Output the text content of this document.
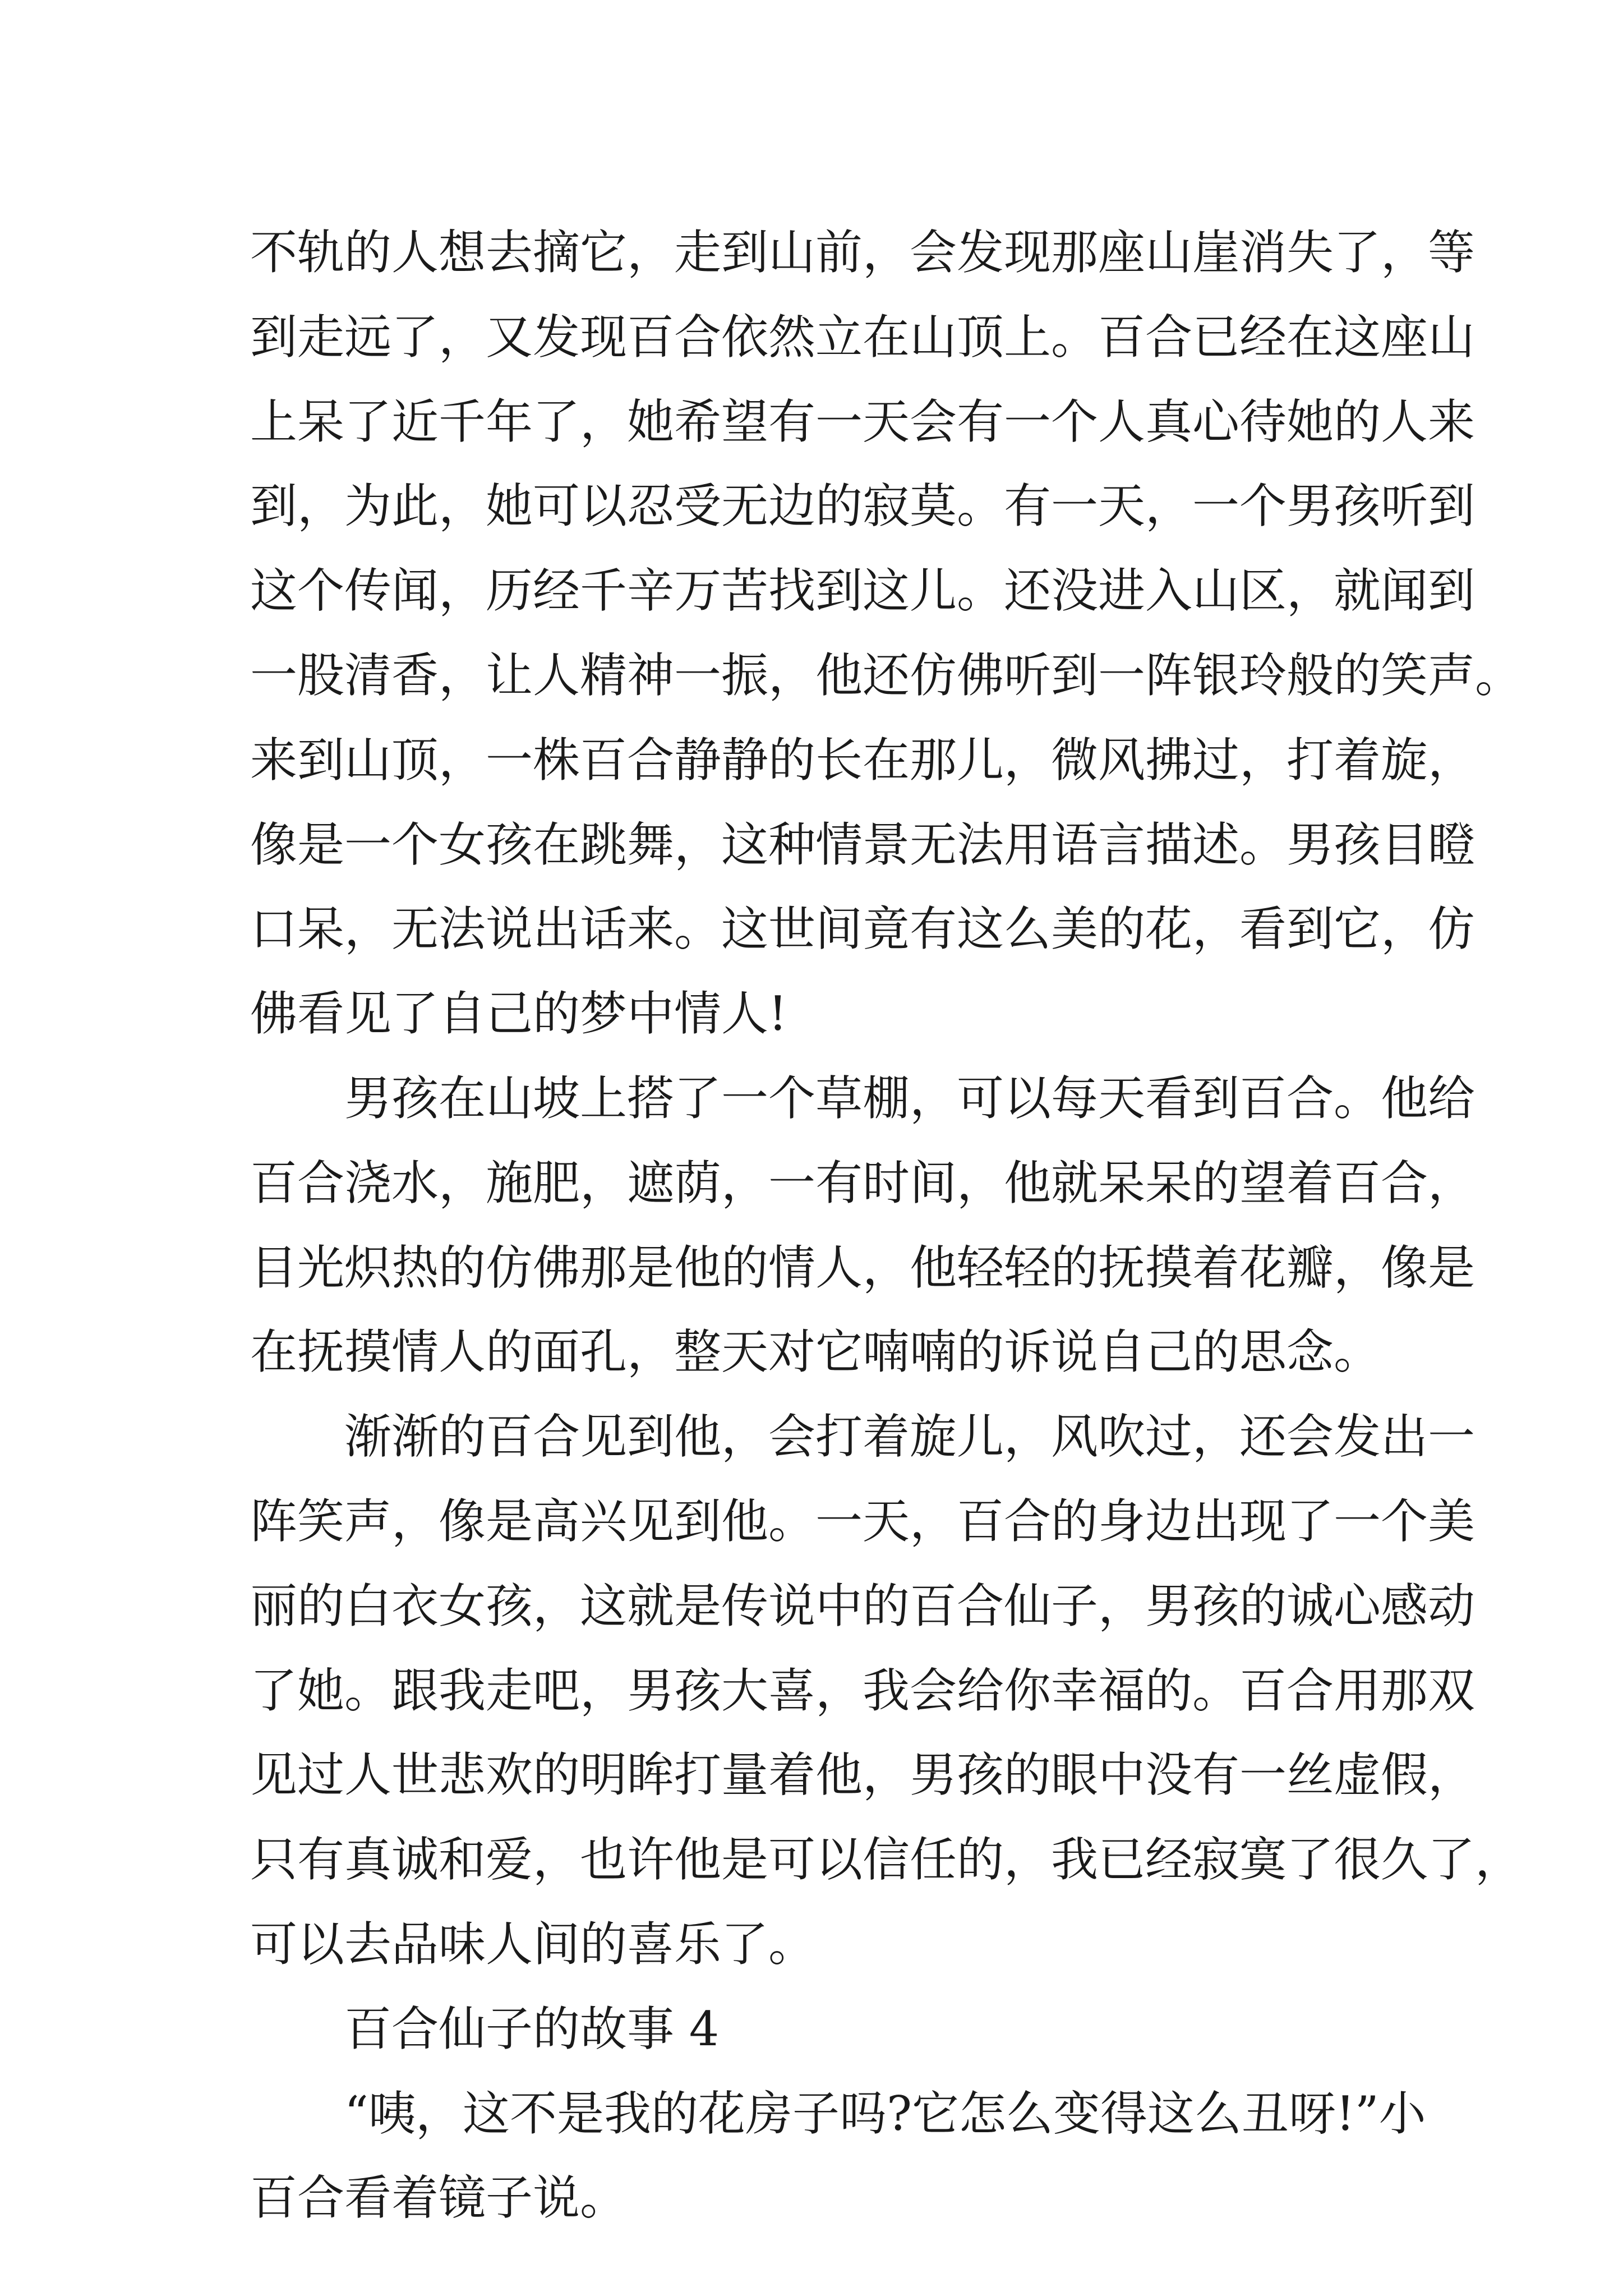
不轨的人想去摘它，走到山前，会发现那座山崖消失了，等
到走远了，又发现百合依然立在山顶上。百合已经在这座山
上呆了近千年了，她希望有一天会有一个人真心待她的人来
到，为此，她可以忍受无边的寂莫。有一天，一个男孩听到
这个传闻，历经千辛万苦找到这儿。还没进入山区，就闻到
一股清香，让人精神一振，他还仿佛听到一阵银玲般的笑声。
来到山顶，一株百合静静的长在那儿，微风拂过，打着旋，
像是一个女孩在跳舞，这种情景无法用语言描述。男孩目瞪
口呆，无法说出话来。这世间竟有这么美的花，看到它，仿
佛看见了自己的梦中情人!
男孩在山坡上搭了一个草棚，可以每天看到百合。他给
百合浇水，施肥，遮荫，一有时间，他就呆呆的望着百合，
目光炽热的仿佛那是他的情人，他轻轻的抚摸着花瓣，像是
在抚摸情人的面孔，整天对它喃喃的诉说自己的思念。
渐渐的百合见到他，会打着旋儿，风吹过，还会发出一
阵笑声，像是高兴见到他。一天，百合的身边出现了一个美
丽的白衣女孩，这就是传说中的百合仙子，男孩的诚心感动
了她。跟我走吧，男孩大喜，我会给你幸福的。百合用那双
见过人世悲欢的明眸打量着他，男孩的眼中没有一丝虚假，
只有真诚和爱，也许他是可以信任的，我已经寂寞了很久了，
可以去品味人间的喜乐了。
百合仙子的故事 4
“咦，这不是我的花房子吗?它怎么变得这么丑呀!”小
百合看着镜子说。
